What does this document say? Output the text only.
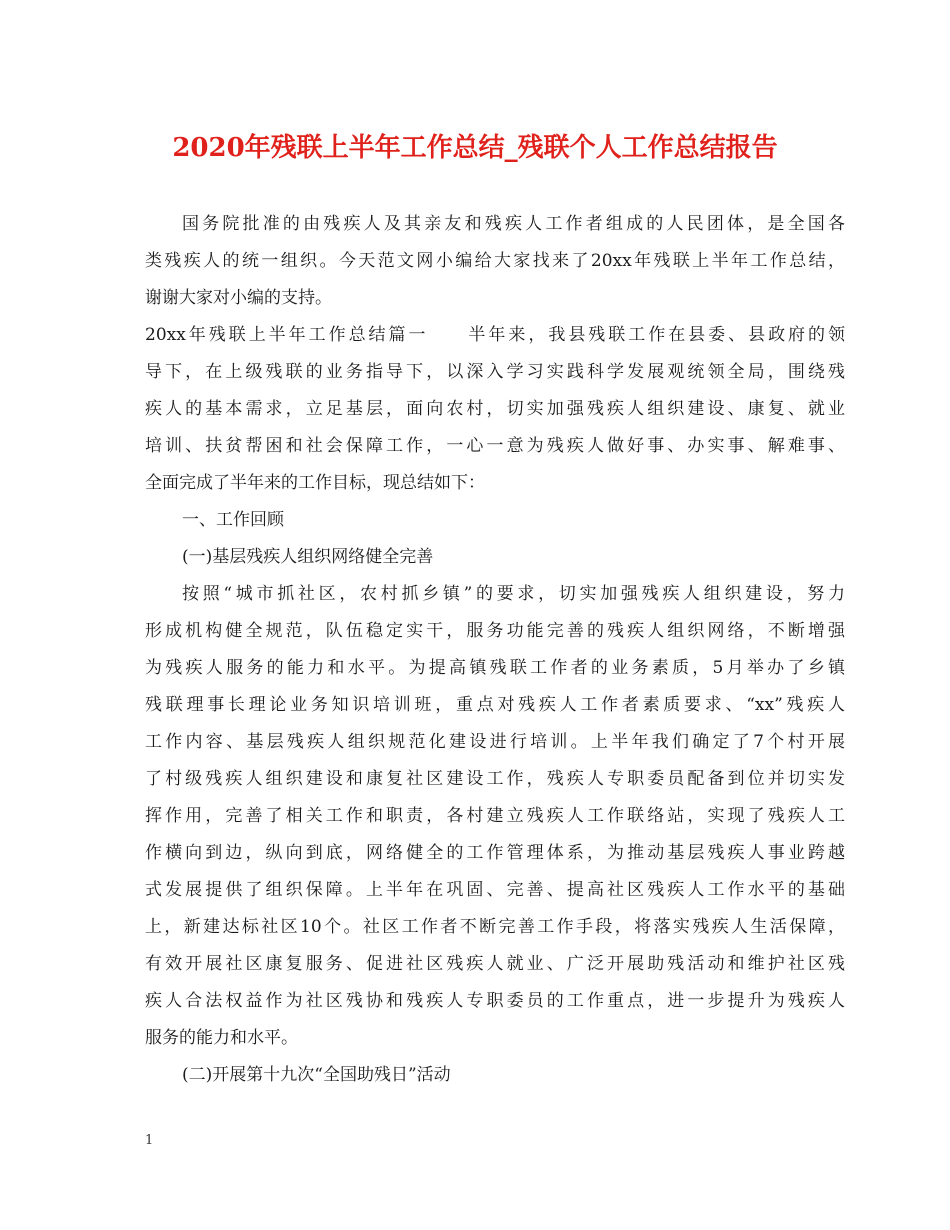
2020年残联上半年工作总结_残联个人工作总结报告
国务院批准的由残疾人及其亲友和残疾人工作者组成的人民团体，是全国各
类残疾人的统一组织。今天范文网小编给大家找来了20xx年残联上半年工作总结，
谢谢大家对小编的支持。
20xx年残联上半年工作总结篇一　　半年来，我县残联工作在县委、县政府的领
导下，在上级残联的业务指导下，以深入学习实践科学发展观统领全局，围绕残
疾人的基本需求，立足基层，面向农村，切实加强残疾人组织建设、康复、就业
培训、扶贫帮困和社会保障工作，一心一意为残疾人做好事、办实事、解难事、
全面完成了半年来的工作目标，现总结如下：
一、工作回顾
(一)基层残疾人组织网络健全完善
按照“城市抓社区，农村抓乡镇”的要求，切实加强残疾人组织建设，努力
形成机构健全规范，队伍稳定实干，服务功能完善的残疾人组织网络，不断增强
为残疾人服务的能力和水平。为提高镇残联工作者的业务素质，5月举办了乡镇
残联理事长理论业务知识培训班，重点对残疾人工作者素质要求、“xx”残疾人
工作内容、基层残疾人组织规范化建设进行培训。上半年我们确定了7个村开展
了村级残疾人组织建设和康复社区建设工作，残疾人专职委员配备到位并切实发
挥作用，完善了相关工作和职责，各村建立残疾人工作联络站，实现了残疾人工
作横向到边，纵向到底，网络健全的工作管理体系，为推动基层残疾人事业跨越
式发展提供了组织保障。上半年在巩固、完善、提高社区残疾人工作水平的基础
上，新建达标社区10个。社区工作者不断完善工作手段，将落实残疾人生活保障，
有效开展社区康复服务、促进社区残疾人就业、广泛开展助残活动和维护社区残
疾人合法权益作为社区残协和残疾人专职委员的工作重点，进一步提升为残疾人
服务的能力和水平。
(二)开展第十九次“全国助残日”活动
1
